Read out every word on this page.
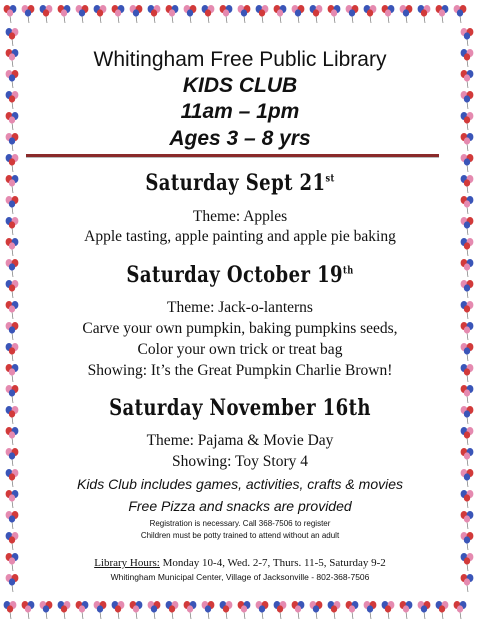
Whitingham Free Public Library
KIDS CLUB
11am – 1pm
Ages 3 – 8 yrs
Saturday Sept 21st
Theme: Apples
Apple tasting, apple painting and apple pie baking
Saturday October 19th
Theme: Jack-o-lanterns
Carve your own pumpkin, baking pumpkins seeds,
Color your own trick or treat bag
Showing: It’s the Great Pumpkin Charlie Brown!
Saturday November 16th
Theme: Pajama & Movie Day
Showing: Toy Story 4
Kids Club includes games, activities, crafts & movies
Free Pizza and snacks are provided
Registration is necessary. Call 368-7506 to register
Children must be potty trained to attend without an adult
Library Hours: Monday 10-4, Wed. 2-7, Thurs. 11-5, Saturday 9-2
Whitingham Municipal Center, Village of Jacksonville - 802-368-7506
